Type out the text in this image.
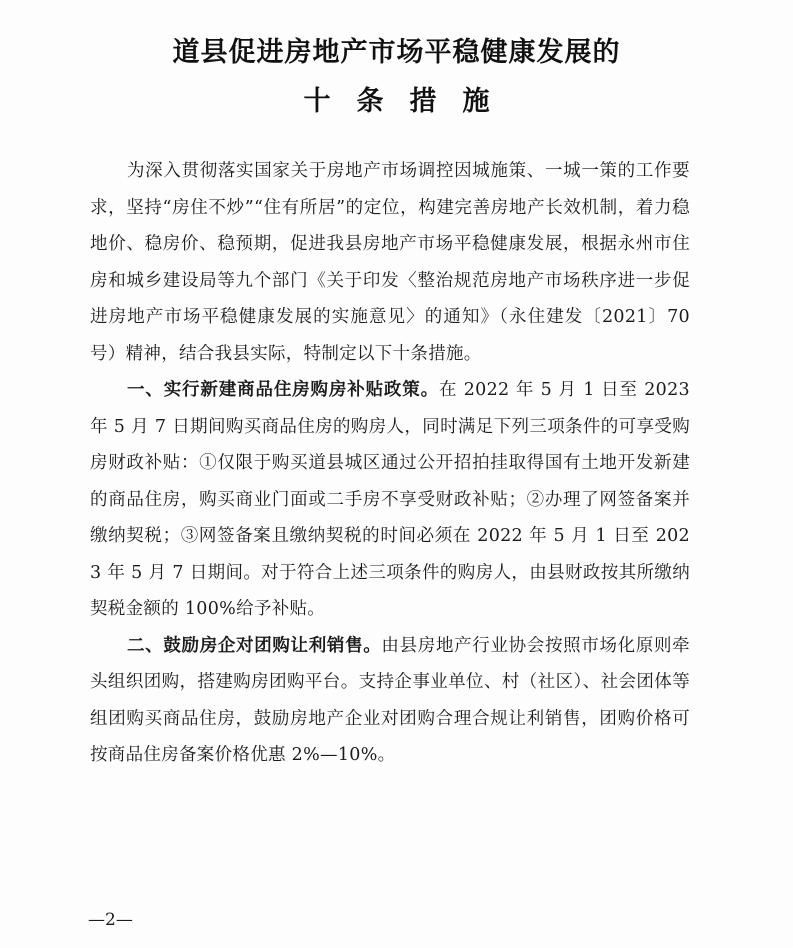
道县促进房地产市场平稳健康发展的
十条措施

为深入贯彻落实国家关于房地产市场调控因城施策、一城一策的工作要求，坚持“房住不炒”“住有所居”的定位，构建完善房地产长效机制，着力稳地价、稳房价、稳预期，促进我县房地产市场平稳健康发展，根据永州市住房和城乡建设局等九个部门《关于印发〈整治规范房地产市场秩序进一步促进房地产市场平稳健康发展的实施意见〉的通知》（永住建发〔2021〕70号）精神，结合我县实际，特制定以下十条措施。

一、实行新建商品住房购房补贴政策。在 2022 年 5 月 1 日至 2023 年 5 月 7 日期间购买商品住房的购房人，同时满足下列三项条件的可享受购房财政补贴：①仅限于购买道县城区通过公开招拍挂取得国有土地开发新建的商品住房，购买商业门面或二手房不享受财政补贴；②办理了网签备案并缴纳契税；③网签备案且缴纳契税的时间必须在 2022 年 5 月 1 日至 2023 年 5 月 7 日期间。对于符合上述三项条件的购房人，由县财政按其所缴纳契税金额的 100%给予补贴。

二、鼓励房企对团购让利销售。由县房地产行业协会按照市场化原则牵头组织团购，搭建购房团购平台。支持企事业单位、村（社区）、社会团体等组团购买商品住房，鼓励房地产企业对团购合理合规让利销售，团购价格可按商品住房备案价格优惠 2%—10%。

—2—
